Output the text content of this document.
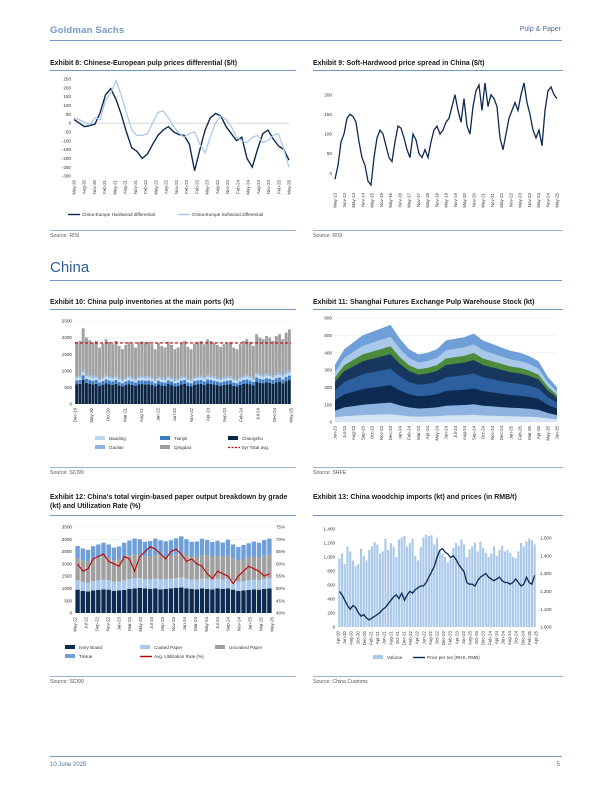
Goldman Sachs	Pulp & Paper
Exhibit 8: Chinese-European pulp prices differential ($/t)
250
200
150
100
50
0
-50
-100
-150
-200
-250
-300
May-20 Aug-20 Nov-20 Feb-21 May-21 Aug-21 Nov-21 Feb-22 May-22 Aug-22 Nov-22 Feb-23 Feb-23 May-23 Aug-23 Nov-23 Feb-24 May-24 Aug-24 Nov-24 Feb-25 May-25
China-Europe Hardwood differential	China-Europe Softwood differential
Source: RISI
Exhibit 9: Soft-Hardwood price spread in China ($/t)
200
150
100
50
0
May-13 Nov-13 May-14 Nov-14 May-15 Nov-15 May-16 Nov-16 May-17 Nov-17 May-18 Nov-18 May-19 Nov-19 May-20 Nov-20 May-21 Nov-21 May-22 Nov-22 May-23 Nov-23 May-24 Nov-24 May-25
Source: RISI
China
Exhibit 10: China pulp inventories at the main ports (kt)
2500
2000
1500
1000
500
0
Dec-19	May-20	Oct-20	Mar-21	Aug-21	Jan-22	Jun-22	Nov-22	Apr-23	Sep-23	Feb-24	Jul-24	Dec-24	May-25
Baoding	Tianjin	Changshu
Gaolan	Qingdao	5yr Total avg.
Source: SCI99
Exhibit 11: Shanghai Futures Exchange Pulp Warehouse Stock (kt)
600
500
400
300
200
100
0
Jun-23 Jul-23 Aug-23 Sep-23 Oct-23 Nov-23 Dec-23 Jan-24 Feb-24 Mar-24 Apr-24 May-24 Jun-24 Jul-24 Aug-24 Sep-24 Oct-24 Nov-24 Dec-24 Jan-25 Feb-25 Mar-25 Apr-25 May-25 Jun-25
Source: SHFE
Exhibit 12: China's total virgin-based paper output breakdown by grade (kt) and Utilization Rate (%)
3500
3000
2500
2000
1500
1000
500
0
75%
70%
65%
60%
55%
50%
45%
40%
May-22 Jul-22 Sep-22 Nov-22 Jan-23 Mar-23 May-23 Jul-23 Sep-23 Nov-23 Jan-24 Mar-24 May-24 Jul-24 Sep-24 Nov-24 Jan-25 Mar-25 May-25
Ivory Board	Coated Paper	Uncoated Paper
Tissue	Avg. Utilization Rate (%)
Source: SCI99
Exhibit 13: China woodchip imports (kt) and prices (in RMB/t)
1,400
1,200
1,000
800
600
400
200
0
1,500
1,400
1,300
1,200
1,100
1,000
Apr-20 Jun-20 Aug-20 Oct-20 Dec-20 Feb-21 Apr-21 Jun-21 Aug-21 Oct-21 Dec-21 Feb-22 Apr-22 Jun-22 Aug-22 Oct-22 Dec-22 Feb-23 Apr-23 Jun-23 Aug-23 Oct-23 Dec-23 Feb-24 Apr-24 Jun-24 Aug-24 Oct-24 Dec-24 Feb-25 Apr-25
Volume	Price per ton (RHS, RMB)
Source: China Customs
10 June 2025	5
